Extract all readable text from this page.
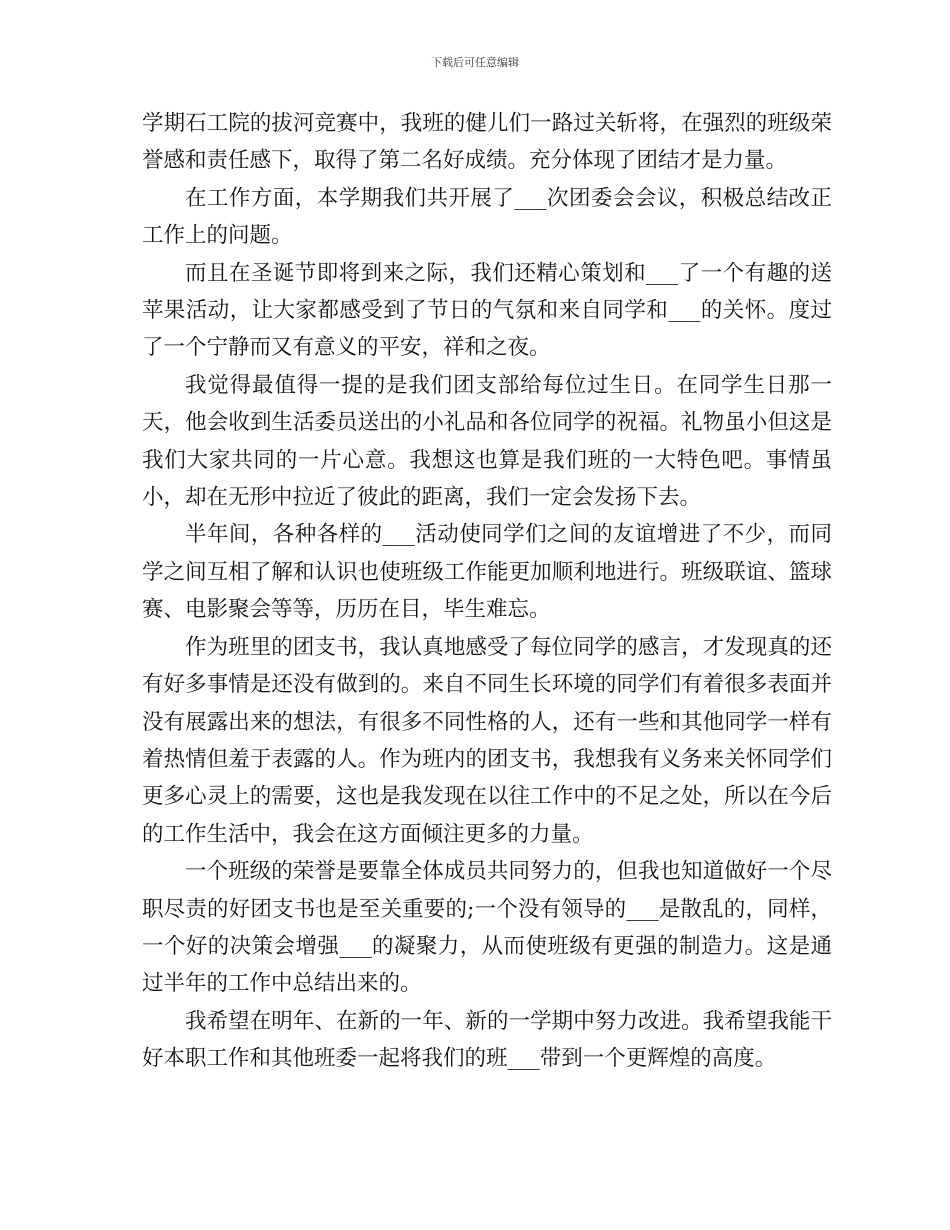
下载后可任意编辑

学期石工院的拔河竞赛中，我班的健儿们一路过关斩将，在强烈的班级荣誉感和责任感下，取得了第二名好成绩。充分体现了团结才是力量。

在工作方面，本学期我们共开展了___次团委会会议，积极总结改正工作上的问题。

而且在圣诞节即将到来之际，我们还精心策划和___了一个有趣的送苹果活动，让大家都感受到了节日的气氛和来自同学和___的关怀。度过了一个宁静而又有意义的平安，祥和之夜。

我觉得最值得一提的是我们团支部给每位过生日。在同学生日那一天，他会收到生活委员送出的小礼品和各位同学的祝福。礼物虽小但这是我们大家共同的一片心意。我想这也算是我们班的一大特色吧。事情虽小，却在无形中拉近了彼此的距离，我们一定会发扬下去。

半年间，各种各样的___活动使同学们之间的友谊增进了不少，而同学之间互相了解和认识也使班级工作能更加顺利地进行。班级联谊、篮球赛、电影聚会等等，历历在目，毕生难忘。

作为班里的团支书，我认真地感受了每位同学的感言，才发现真的还有好多事情是还没有做到的。来自不同生长环境的同学们有着很多表面并没有展露出来的想法，有很多不同性格的人，还有一些和其他同学一样有着热情但羞于表露的人。作为班内的团支书，我想我有义务来关怀同学们更多心灵上的需要，这也是我发现在以往工作中的不足之处，所以在今后的工作生活中，我会在这方面倾注更多的力量。

一个班级的荣誉是要靠全体成员共同努力的，但我也知道做好一个尽职尽责的好团支书也是至关重要的;一个没有领导的___是散乱的，同样，一个好的决策会增强___的凝聚力，从而使班级有更强的制造力。这是通过半年的工作中总结出来的。

我希望在明年、在新的一年、新的一学期中努力改进。我希望我能干好本职工作和其他班委一起将我们的班___带到一个更辉煌的高度。
